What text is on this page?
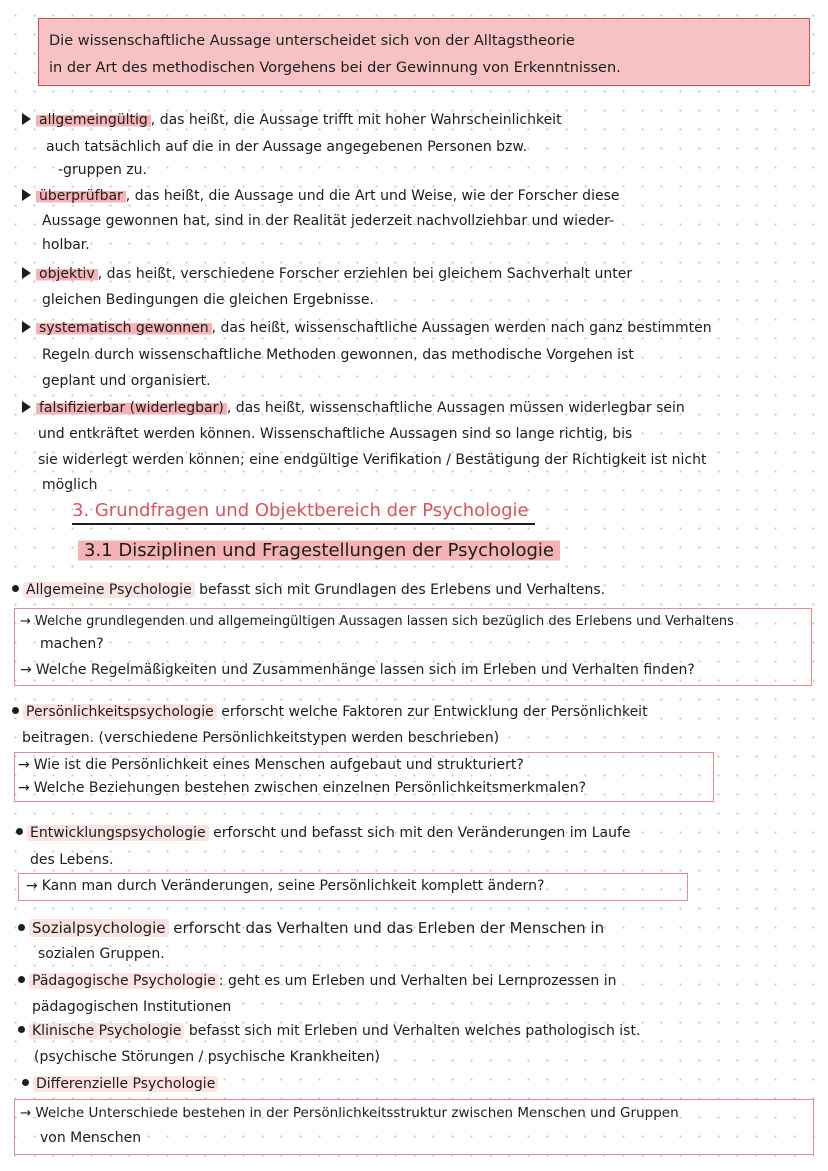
Die wissenschaftliche Aussage unterscheidet sich von der Alltagstheorie
in der Art des methodischen Vorgehens bei der Gewinnung von Erkenntnissen.
allgemeingültig , das heißt, die Aussage trifft mit hoher Wahrscheinlichkeit
auch tatsächlich auf die in der Aussage angegebenen Personen bzw.
-gruppen zu.
überprüfbar , das heißt, die Aussage und die Art und Weise, wie der Forscher diese
Aussage gewonnen hat, sind in der Realität jederzeit nachvollziehbar und wieder-
holbar.
objektiv , das heißt, verschiedene Forscher erziehlen bei gleichem Sachverhalt unter
gleichen Bedingungen die gleichen Ergebnisse.
systematisch gewonnen , das heißt, wissenschaftliche Aussagen werden nach ganz bestimmten
Regeln durch wissenschaftliche Methoden gewonnen, das methodische Vorgehen ist
geplant und organisiert.
falsifizierbar (widerlegbar) , das heißt, wissenschaftliche Aussagen müssen widerlegbar sein
und entkräftet werden können. Wissenschaftliche Aussagen sind so lange richtig, bis
sie widerlegt werden können; eine endgültige Verifikation / Bestätigung der Richtigkeit ist nicht
möglich
3. Grundfragen und Objektbereich der Psychologie
3.1 Disziplinen und Fragestellungen der Psychologie
Allgemeine Psychologie befasst sich mit Grundlagen des Erlebens und Verhaltens.
→ Welche grundlegenden und allgemeingültigen Aussagen lassen sich bezüglich des Erlebens und Verhaltens
machen?
→ Welche Regelmäßigkeiten und Zusammenhänge lassen sich im Erleben und Verhalten finden?
Persönlichkeitspsychologie erforscht welche Faktoren zur Entwicklung der Persönlichkeit
beitragen. (verschiedene Persönlichkeitstypen werden beschrieben)
→ Wie ist die Persönlichkeit eines Menschen aufgebaut und strukturiert?
→ Welche Beziehungen bestehen zwischen einzelnen Persönlichkeitsmerkmalen?
Entwicklungspsychologie erforscht und befasst sich mit den Veränderungen im Laufe
des Lebens.
→ Kann man durch Veränderungen, seine Persönlichkeit komplett ändern?
Sozialpsychologie erforscht das Verhalten und das Erleben der Menschen in
sozialen Gruppen.
Pädagogische Psychologie : geht es um Erleben und Verhalten bei Lernprozessen in
pädagogischen Institutionen
Klinische Psychologie befasst sich mit Erleben und Verhalten welches pathologisch ist.
(psychische Störungen / psychische Krankheiten)
Differenzielle Psychologie
→ Welche Unterschiede bestehen in der Persönlichkeitsstruktur zwischen Menschen und Gruppen
von Menschen
